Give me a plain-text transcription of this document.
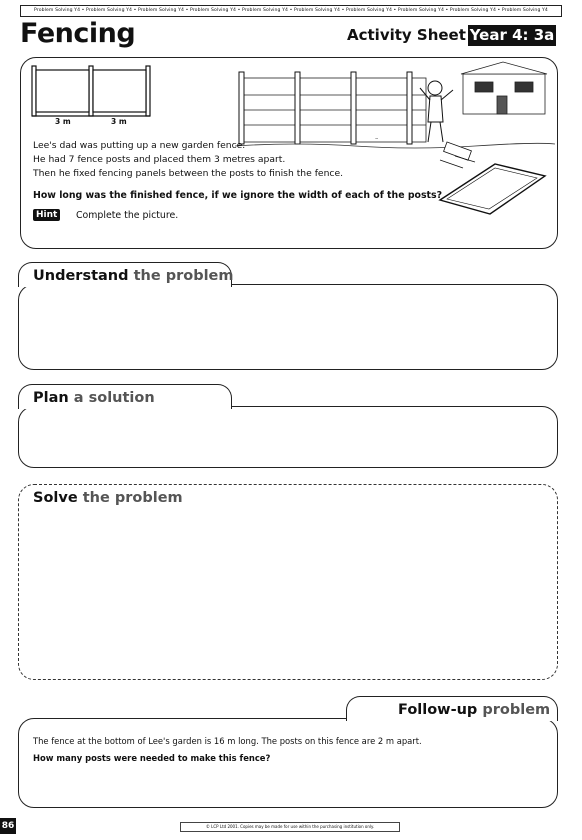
Problem Solving Y4 • Problem Solving Y4 • Problem Solving Y4 • Problem Solving Y4 • Problem Solving Y4 • Problem Solving Y4 • Problem Solving Y4 • Problem Solving Y4 • Problem Solving Y4 • Problem Solving Y4
Fencing	Activity Sheet Year 4: 3a
3 m	3 m
~
Lee's dad was putting up a new garden fence.
He had 7 fence posts and placed them 3 metres apart.
Then he fixed fencing panels between the posts to finish the fence.
How long was the finished fence, if we ignore the width of each of the posts?
Hint	Complete the picture.
Understand the problem
Plan a solution
Solve the problem
Follow-up problem
The fence at the bottom of Lee's garden is 16 m long. The posts on this fence are 2 m apart.
How many posts were needed to make this fence?
86	© LCP Ltd 2001. Copies may be made for use within the purchasing institution only.
